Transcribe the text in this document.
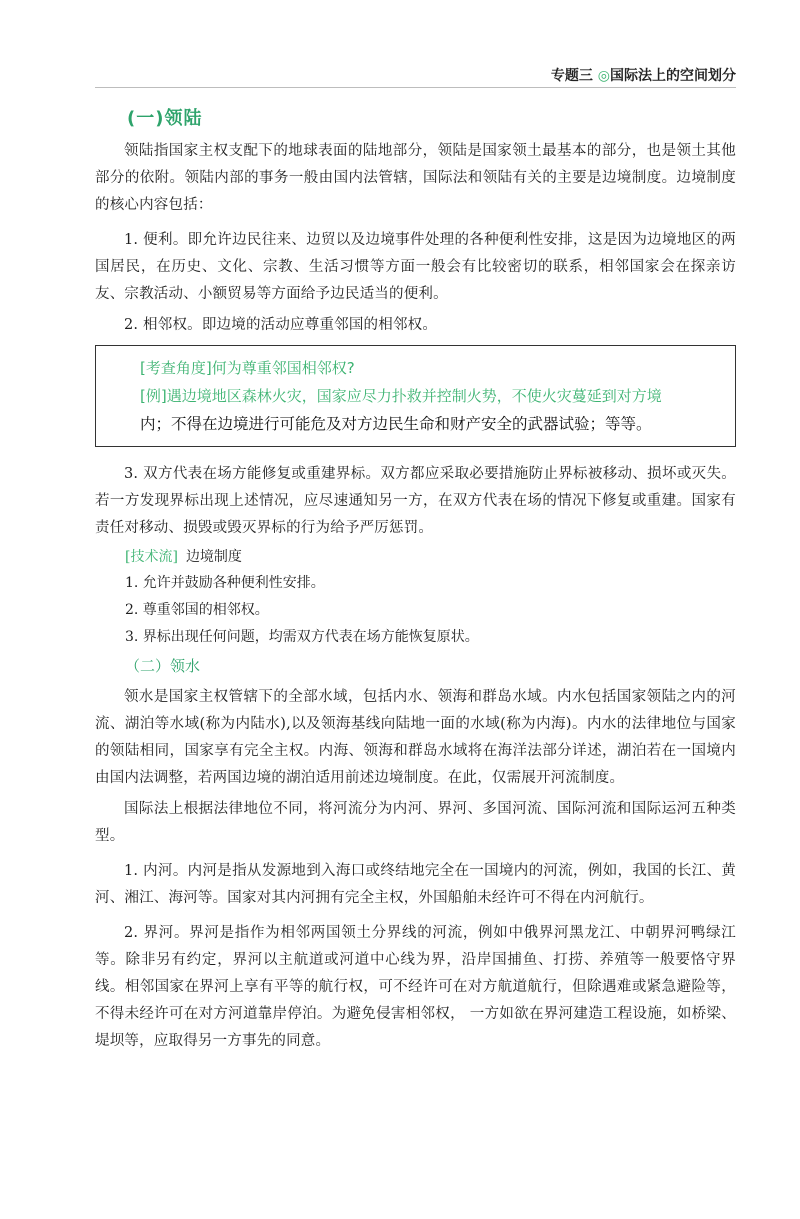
专题三 ◎国际法上的空间划分
(一)领陆

领陆指国家主权支配下的地球表面的陆地部分，领陆是国家领土最基本的部分，也是领土其他部分的依附。领陆内部的事务一般由国内法管辖，国际法和领陆有关的主要是边境制度。边境制度的核心内容包括：

1. 便利。即允许边民往来、边贸以及边境事件处理的各种便利性安排，这是因为边境地区的两国居民，在历史、文化、宗教、生活习惯等方面一般会有比较密切的联系，相邻国家会在探亲访友、宗教活动、小额贸易等方面给予边民适当的便利。

2. 相邻权。即边境的活动应尊重邻国的相邻权。

[考查角度]何为尊重邻国相邻权?
[例]遇边境地区森林火灾，国家应尽力扑救并控制火势，不使火灾蔓延到对方境
内；不得在边境进行可能危及对方边民生命和财产安全的武器试验；等等。

3. 双方代表在场方能修复或重建界标。双方都应采取必要措施防止界标被移动、损坏或灭失。若一方发现界标出现上述情况，应尽速通知另一方，在双方代表在场的情况下修复或重建。国家有责任对移动、损毁或毁灭界标的行为给予严厉惩罚。

[技术流] 边境制度
1. 允许并鼓励各种便利性安排。
2. 尊重邻国的相邻权。
3. 界标出现任何问题，均需双方代表在场方能恢复原状。
（二）领水

领水是国家主权管辖下的全部水域，包括内水、领海和群岛水域。内水包括国家领陆之内的河流、湖泊等水域(称为内陆水),以及领海基线向陆地一面的水域(称为内海)。内水的法律地位与国家的领陆相同，国家享有完全主权。内海、领海和群岛水域将在海洋法部分详述，湖泊若在一国境内由国内法调整，若两国边境的湖泊适用前述边境制度。在此，仅需展开河流制度。

国际法上根据法律地位不同，将河流分为内河、界河、多国河流、国际河流和国际运河五种类型。

1. 内河。内河是指从发源地到入海口或终结地完全在一国境内的河流，例如，我国的长江、黄河、湘江、海河等。国家对其内河拥有完全主权，外国船舶未经许可不得在内河航行。

2. 界河。界河是指作为相邻两国领土分界线的河流，例如中俄界河黑龙江、中朝界河鸭绿江等。除非另有约定，界河以主航道或河道中心线为界，沿岸国捕鱼、打捞、养殖等一般要恪守界线。相邻国家在界河上享有平等的航行权，可不经许可在对方航道航行，但除遇难或紧急避险等，不得未经许可在对方河道靠岸停泊。为避免侵害相邻权， 一方如欲在界河建造工程设施，如桥梁、堤坝等，应取得另一方事先的同意。
